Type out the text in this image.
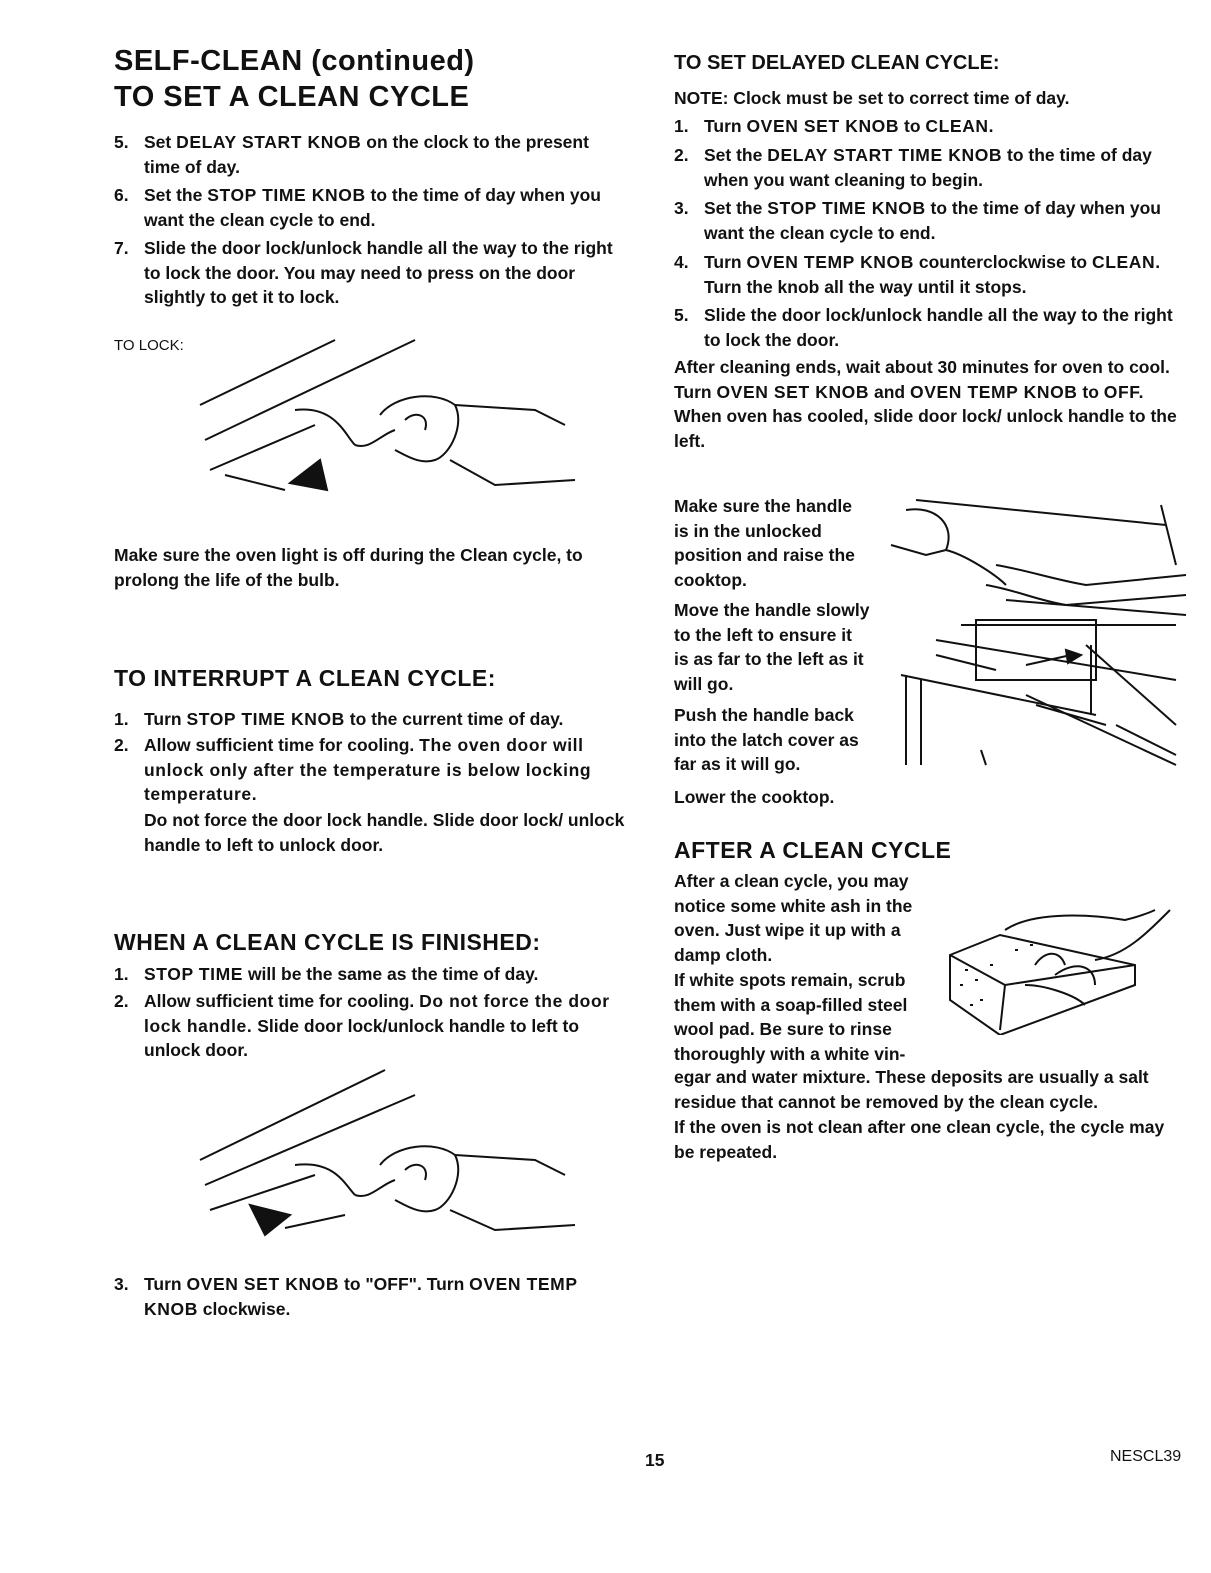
SELF-CLEAN (continued)
TO SET A CLEAN CYCLE
5. Set DELAY START KNOB on the clock to the present time of day.
6. Set the STOP TIME KNOB to the time of day when you want the clean cycle to end.
7. Slide the door lock/unlock handle all the way to the right to lock the door. You may need to press on the door slightly to get it to lock.
TO LOCK:
Make sure the oven light is off during the Clean cycle, to prolong the life of the bulb.
TO INTERRUPT A CLEAN CYCLE:
1. Turn STOP TIME KNOB to the current time of day.
2. Allow sufficient time for cooling. The oven door will unlock only after the temperature is below locking temperature.
Do not force the door lock handle. Slide door lock/ unlock handle to left to unlock door.
WHEN A CLEAN CYCLE IS FINISHED:
1. STOP TIME will be the same as the time of day.
2. Allow sufficient time for cooling. Do not force the door lock handle. Slide door lock/unlock handle to left to unlock door.
3. Turn OVEN SET KNOB to "OFF". Turn OVEN TEMP KNOB clockwise.
TO SET DELAYED CLEAN CYCLE:
NOTE: Clock must be set to correct time of day.
1. Turn OVEN SET KNOB to CLEAN.
2. Set the DELAY START TIME KNOB to the time of day when you want cleaning to begin.
3. Set the STOP TIME KNOB to the time of day when you want the clean cycle to end.
4. Turn OVEN TEMP KNOB counterclockwise to CLEAN. Turn the knob all the way until it stops.
5. Slide the door lock/unlock handle all the way to the right to lock the door.
After cleaning ends, wait about 30 minutes for oven to cool. Turn OVEN SET KNOB and OVEN TEMP KNOB to OFF. When oven has cooled, slide door lock/ unlock handle to the left.
Make sure the handle is in the unlocked position and raise the cooktop.
Move the handle slowly to the left to ensure it is as far to the left as it will go.
Push the handle back into the latch cover as far as it will go.
Lower the cooktop.
AFTER A CLEAN CYCLE
After a clean cycle, you may notice some white ash in the oven. Just wipe it up with a damp cloth.
If white spots remain, scrub them with a soap-filled steel wool pad. Be sure to rinse thoroughly with a white vin-
egar and water mixture. These deposits are usually a salt residue that cannot be removed by the clean cycle.
If the oven is not clean after one clean cycle, the cycle may be repeated.
15	NESCL39
